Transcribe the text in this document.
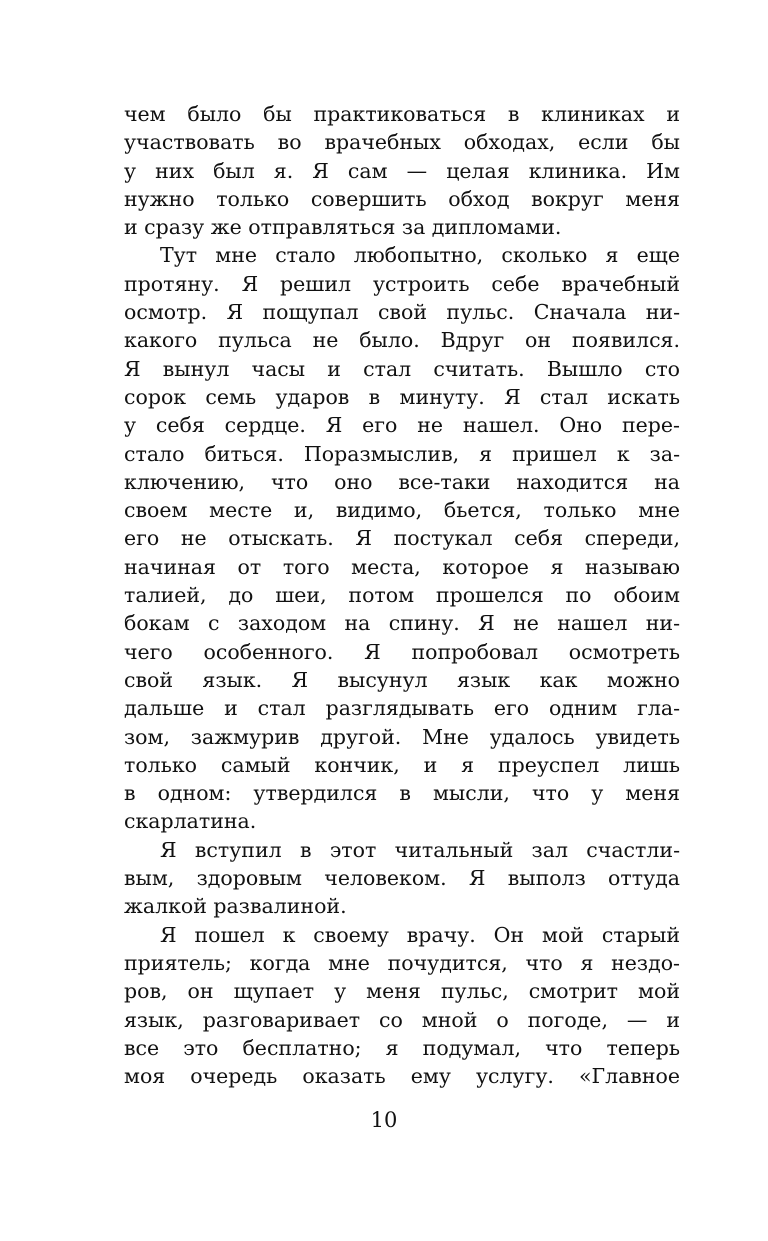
чем было бы практиковаться в клиниках и
участвовать во врачебных обходах, если бы
у них был я. Я сам — целая клиника. Им
нужно только совершить обход вокруг меня
и сразу же отправляться за дипломами.
Тут мне стало любопытно, сколько я еще
протяну. Я решил устроить себе врачебный
осмотр. Я пощупал свой пульс. Сначала ни-
какого пульса не было. Вдруг он появился.
Я вынул часы и стал считать. Вышло сто
сорок семь ударов в минуту. Я стал искать
у себя сердце. Я его не нашел. Оно пере-
стало биться. Поразмыслив, я пришел к за-
ключению, что оно все-таки находится на
своем месте и, видимо, бьется, только мне
его не отыскать. Я постукал себя спереди,
начиная от того места, которое я называю
талией, до шеи, потом прошелся по обоим
бокам с заходом на спину. Я не нашел ни-
чего особенного. Я попробовал осмотреть
свой язык. Я высунул язык как можно
дальше и стал разглядывать его одним гла-
зом, зажмурив другой. Мне удалось увидеть
только самый кончик, и я преуспел лишь
в одном: утвердился в мысли, что у меня
скарлатина.
Я вступил в этот читальный зал счастли-
вым, здоровым человеком. Я выполз оттуда
жалкой развалиной.
Я пошел к своему врачу. Он мой старый
приятель; когда мне почудится, что я нездо-
ров, он щупает у меня пульс, смотрит мой
язык, разговаривает со мной о погоде, — и
все это бесплатно; я подумал, что теперь
моя очередь оказать ему услугу. «Главное
10
